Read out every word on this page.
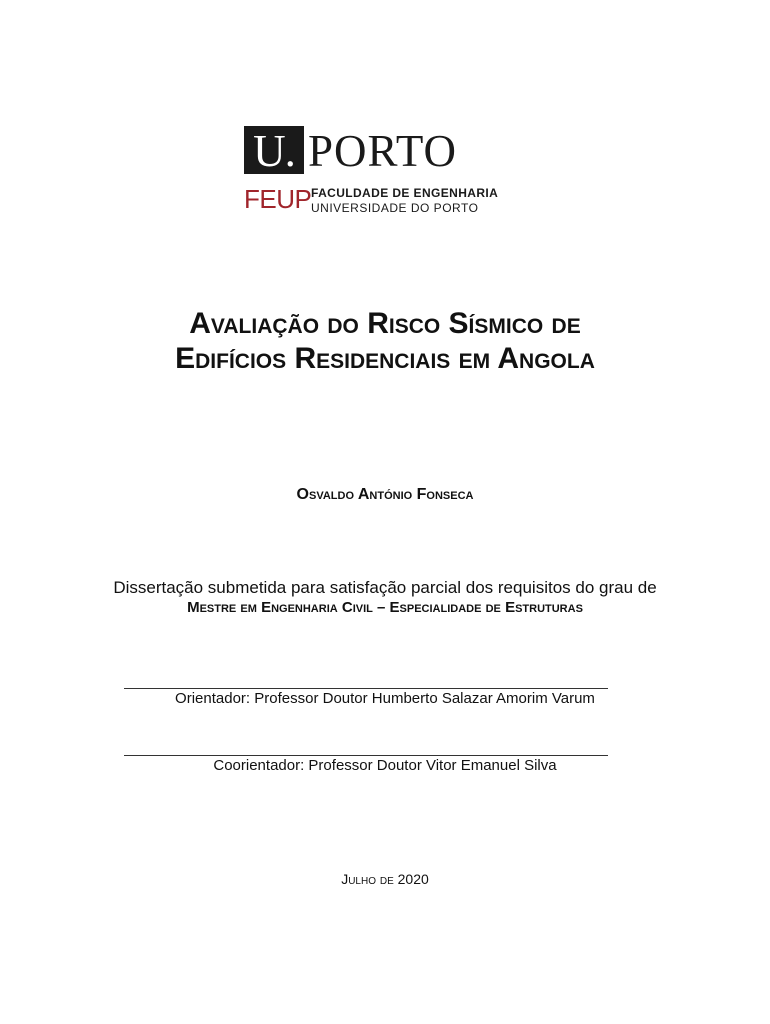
U. PORTO
FEUP FACULDADE DE ENGENHARIA
UNIVERSIDADE DO PORTO
Avaliação do Risco Sísmico de
Edifícios Residenciais em Angola
Osvaldo António Fonseca
Dissertação submetida para satisfação parcial dos requisitos do grau de
Mestre em Engenharia Civil – Especialidade de Estruturas
Orientador: Professor Doutor Humberto Salazar Amorim Varum
Coorientador: Professor Doutor Vitor Emanuel Silva
Julho de 2020
